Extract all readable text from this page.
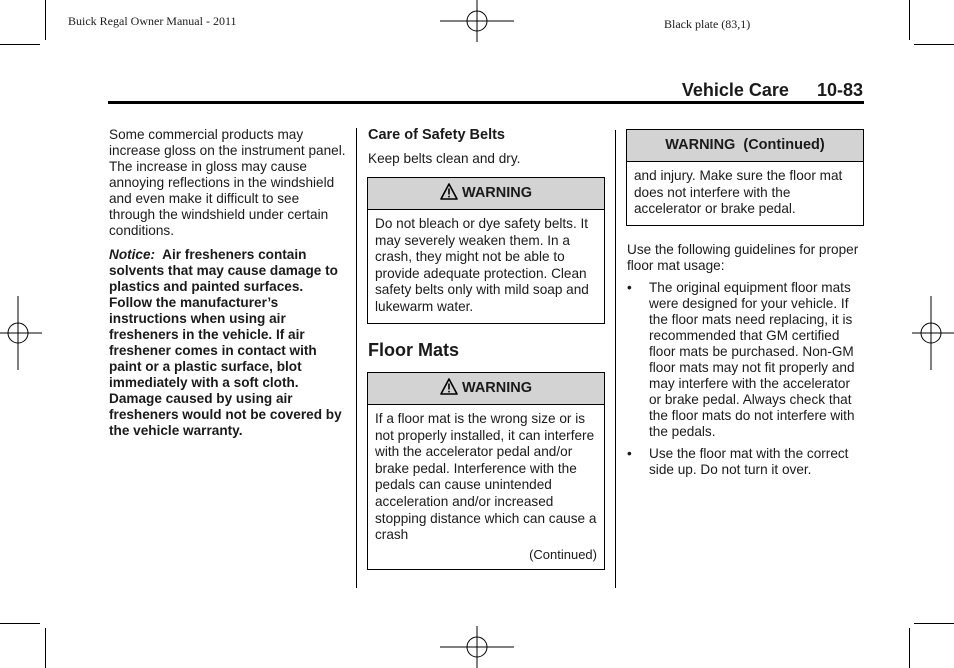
Buick Regal Owner Manual - 2011	Black plate (83,1)
Vehicle Care 10-83

Some commercial products may increase gloss on the instrument panel. The increase in gloss may cause annoying reflections in the windshield and even make it difficult to see through the windshield under certain conditions.

Notice: Air fresheners contain solvents that may cause damage to plastics and painted surfaces. Follow the manufacturer’s instructions when using air fresheners in the vehicle. If air freshener comes in contact with paint or a plastic surface, blot immediately with a soft cloth. Damage caused by using air fresheners would not be covered by the vehicle warranty.

Care of Safety Belts

Keep belts clean and dry.

WARNING
Do not bleach or dye safety belts. It may severely weaken them. In a crash, they might not be able to provide adequate protection. Clean safety belts only with mild soap and lukewarm water.
Floor Mats
WARNING
If a floor mat is the wrong size or is not properly installed, it can interfere with the accelerator pedal and/or brake pedal. Interference with the pedals can cause unintended acceleration and/or increased stopping distance which can cause a crash
(Continued)
WARNING  (Continued)
and injury. Make sure the floor mat does not interfere with the accelerator or brake pedal.

Use the following guidelines for proper floor mat usage:

• The original equipment floor mats were designed for your vehicle. If the floor mats need replacing, it is recommended that GM certified floor mats be purchased. Non-GM floor mats may not fit properly and may interfere with the accelerator or brake pedal. Always check that the floor mats do not interfere with the pedals.
• Use the floor mat with the correct side up. Do not turn it over.
